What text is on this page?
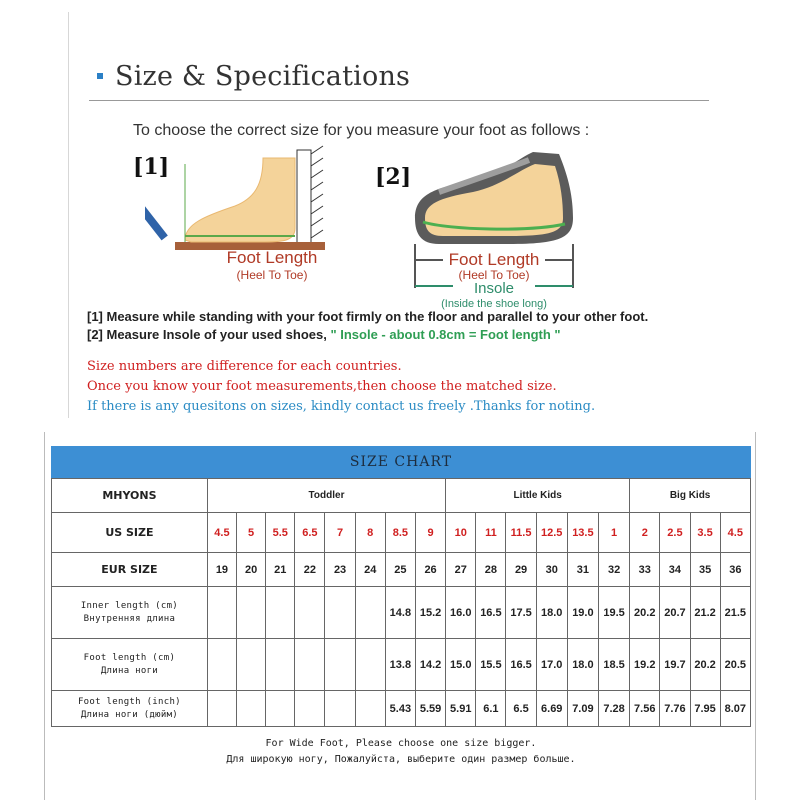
Size & Specifications
To choose the correct size for you measure your foot as follows :
[1]
Foot Length
(Heel To Toe)
[2]
Foot Length
(Heel To Toe)
Insole
(Inside the shoe long)
[1] Measure while standing with your foot firmly on the floor and parallel to your other foot.
[2] Measure Insole of your used shoes, " Insole - about 0.8cm = Foot length "
Size numbers are difference for each countries.
Once you know your foot measurements,then choose the matched size.
If there is any quesitons on sizes, kindly contact us freely .Thanks for noting.
SIZE CHART
MHYONS	Toddler								Little Kids						Big Kids			
US SIZE	4.5	5	5.5	6.5	7	8	8.5	9	10	11	11.5	12.5	13.5	1	2	2.5	3.5	4.5
EUR SIZE	19	20	21	22	23	24	25	26	27	28	29	30	31	32	33	34	35	36

Inner length (cm)
Внутренняя длина							14.8	15.2	16.0	16.5	17.5	18.0	19.0	19.5	20.2	20.7	21.2	21.5

Foot length (cm)
Длина ноги							13.8	14.2	15.0	15.5	16.5	17.0	18.0	18.5	19.2	19.7	20.2	20.5

Foot length (inch)
Длина ноги (дюйм)							5.43	5.59	5.91	6.1	6.5	6.69	7.09	7.28	7.56	7.76	7.95	8.07
For Wide Foot, Please choose one size bigger.
Для широкую ногу, Пожалуйста, выберите один размер больше.
